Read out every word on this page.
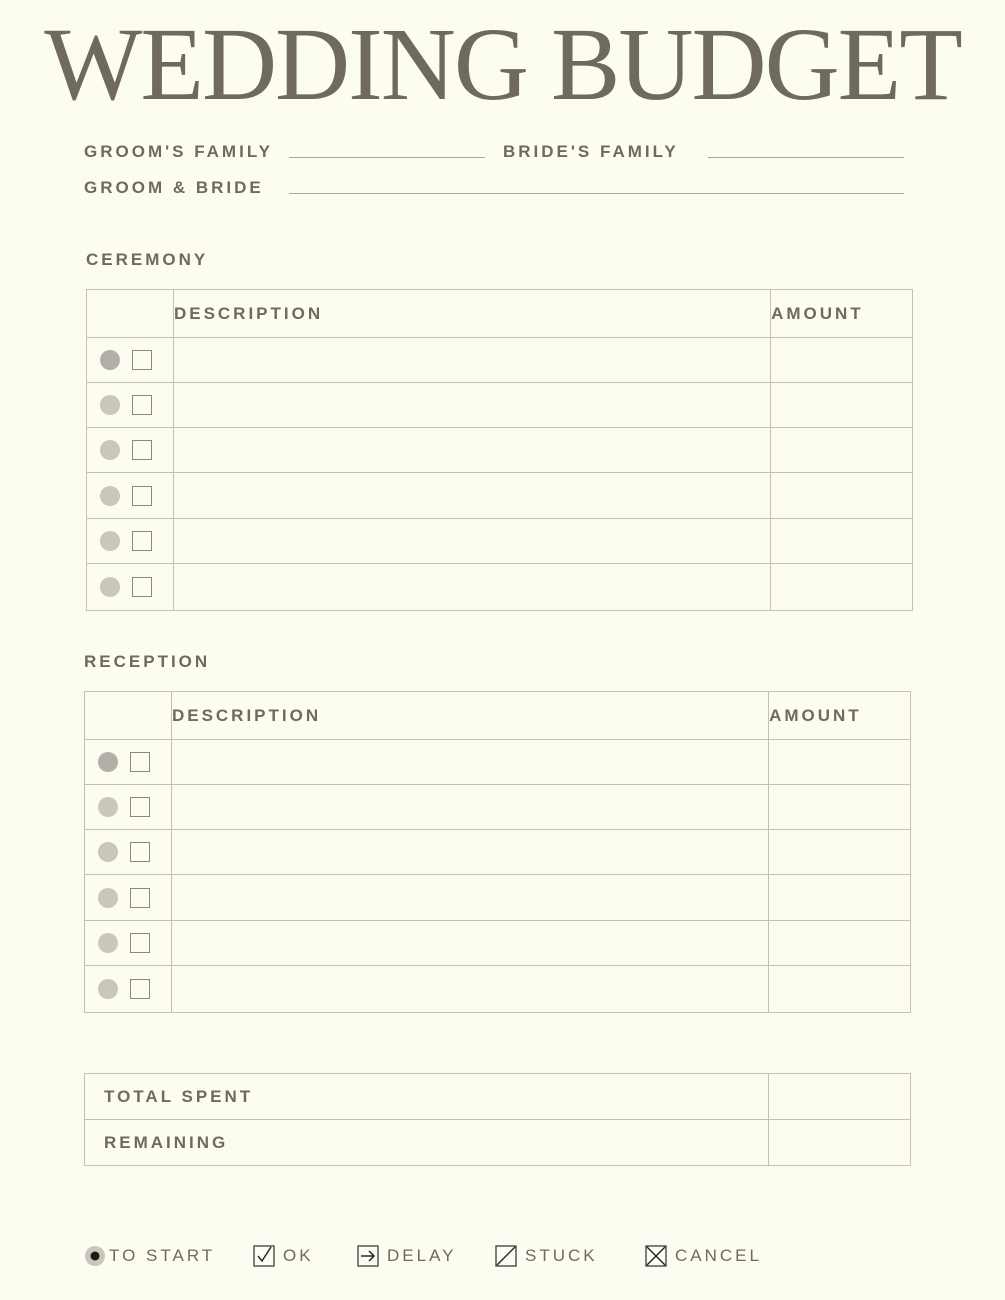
WEDDING BUDGET
GROOM'S FAMILY	BRIDE'S FAMILY
GROOM & BRIDE
CEREMONY
	DESCRIPTION	AMOUNT

RECEPTION
	DESCRIPTION	AMOUNT

TOTAL SPENT	
REMAINING	
TO START	OK	DELAY	STUCK	CANCEL
